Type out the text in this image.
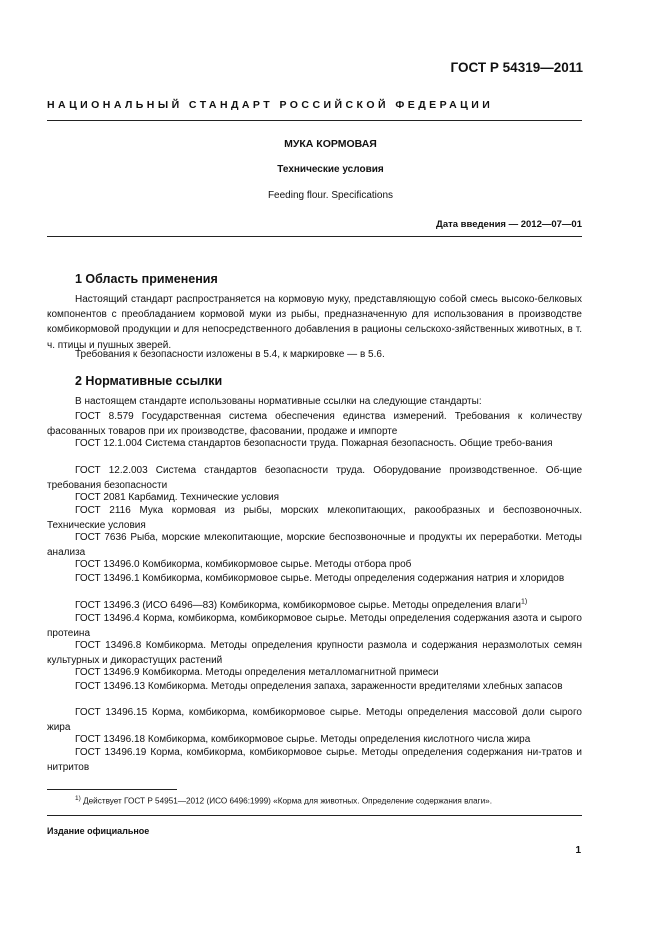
ГОСТ Р 54319—2011
НАЦИОНАЛЬНЫЙ СТАНДАРТ РОССИЙСКОЙ ФЕДЕРАЦИИ
МУКА КОРМОВАЯ
Технические условия
Feeding flour. Specifications
Дата введения — 2012—07—01
1 Область применения

Настоящий стандарт распространяется на кормовую муку, представляющую собой смесь высоко-белковых компонентов с преобладанием кормовой муки из рыбы, предназначенную для использования в производстве комбикормовой продукции и для непосредственного добавления в рационы сельскохо-зяйственных животных, в т. ч. птицы и пушных зверей.

Требования к безопасности изложены в 5.4, к маркировке — в 5.6.

2 Нормативные ссылки

В настоящем стандарте использованы нормативные ссылки на следующие стандарты:

ГОСТ 8.579 Государственная система обеспечения единства измерений. Требования к количеству фасованных товаров при их производстве, фасовании, продаже и импорте

ГОСТ 12.1.004 Система стандартов безопасности труда. Пожарная безопасность. Общие требо-вания

ГОСТ 12.2.003 Система стандартов безопасности труда. Оборудование производственное. Об-щие требования безопасности

ГОСТ 2081 Карбамид. Технические условия

ГОСТ 2116 Мука кормовая из рыбы, морских млекопитающих, ракообразных и беспозвоночных. Технические условия

ГОСТ 7636 Рыба, морские млекопитающие, морские беспозвоночные и продукты их переработки. Методы анализа

ГОСТ 13496.0 Комбикорма, комбикормовое сырье. Методы отбора проб

ГОСТ 13496.1 Комбикорма, комбикормовое сырье. Методы определения содержания натрия и хлоридов

ГОСТ 13496.3 (ИСО 6496—83) Комбикорма, комбикормовое сырье. Методы определения влаги$^{1)}$

ГОСТ 13496.4 Корма, комбикорма, комбикормовое сырье. Методы определения содержания азота и сырого протеина

ГОСТ 13496.8 Комбикорма. Методы определения крупности размола и содержания неразмолотых семян культурных и дикорастущих растений

ГОСТ 13496.9 Комбикорма. Методы определения металломагнитной примеси

ГОСТ 13496.13 Комбикорма. Методы определения запаха, зараженности вредителями хлебных запасов

ГОСТ 13496.15 Корма, комбикорма, комбикормовое сырье. Методы определения массовой доли сырого жира

ГОСТ 13496.18 Комбикорма, комбикормовое сырье. Методы определения кислотного числа жира

ГОСТ 13496.19 Корма, комбикорма, комбикормовое сырье. Методы определения содержания ни-тратов и нитритов

$^{1)}$ Действует ГОСТ Р 54951—2012 (ИСО 6496:1999) «Корма для животных. Определение содержания влаги».
Издание официальное
1
